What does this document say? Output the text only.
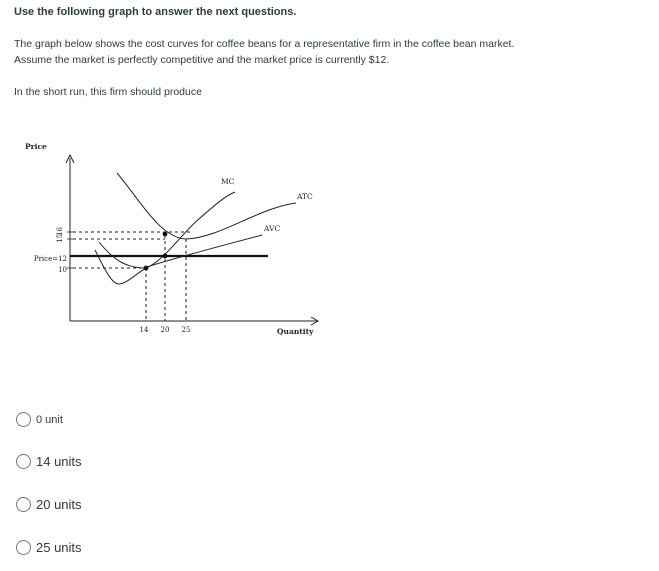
Use the following graph to answer the next questions.
The graph below shows the cost curves for coffee beans for a representative firm in the coffee bean market.
Assume the market is perfectly competitive and the market price is currently $12.
In the short run, this firm should produce
Price
Quantity
16
15
Price=12
10
MC
ATC
AVC
14 20 25
0 unit
14 units
20 units
25 units
